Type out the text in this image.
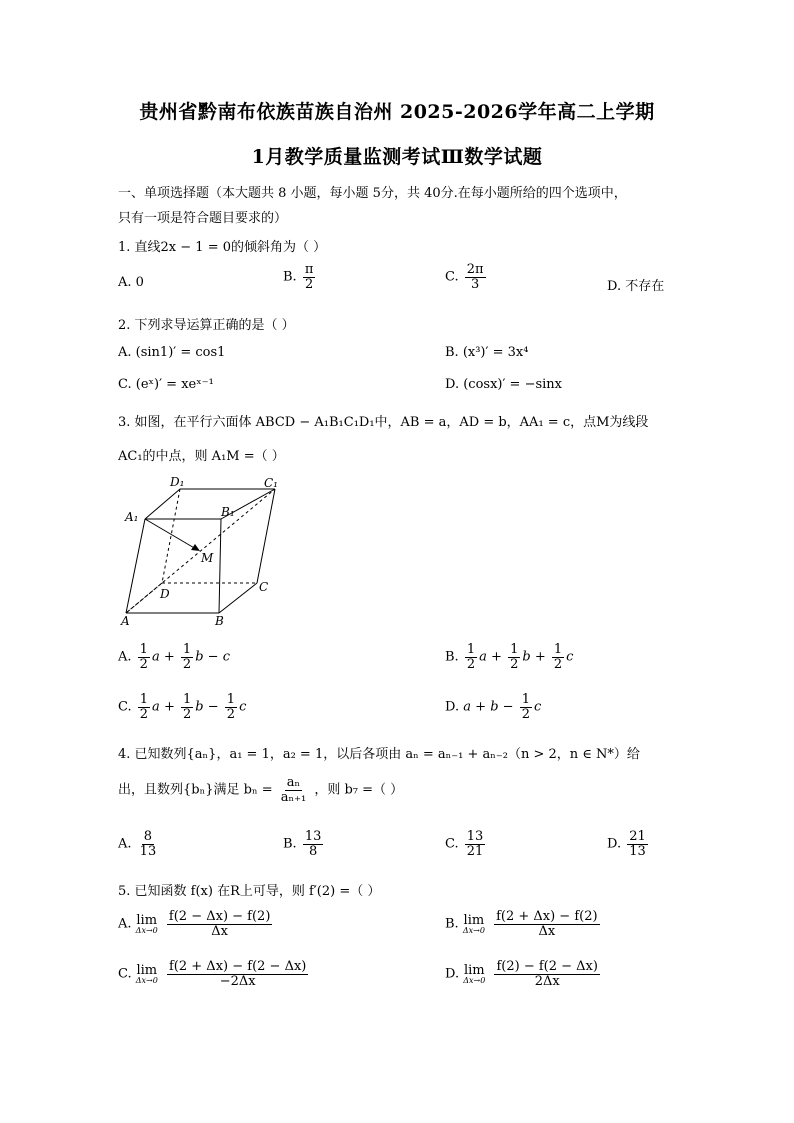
贵州省黔南布依族苗族自治州 2025-2026学年高二上学期
1月教学质量监测考试Ⅲ数学试题
一、单项选择题（本大题共 8 小题，每小题 5分，共 40分.在每小题所给的四个选项中，
只有一项是符合题目要求的）
1. 直线2x − 1 = 0的倾斜角为（ ）
A. 0	B. $\frac{\pi}{2}$	C. $\frac{2\pi}{3}$	D. 不存在
2. 下列求导运算正确的是（ ）
A. (sin1)′ = cos1	B. (x³)′ = 3x⁴
C. (eˣ)′ = xeˣ⁻¹	D. (cosx)′ = −sinx
3. 如图，在平行六面体 ABCD − A₁B₁C₁D₁中，AB = a，AD = b，AA₁ = c，点M为线段
AC₁的中点，则 A₁M =（ ）
D₁	C₁
A₁	B₁
M
D	C
A	B
A. $\frac{1}{2}$ $a + \frac{1}{2}$ b − c	B. $\frac{1}{2}$ $a + \frac{1}{2}$ $b + \frac{1}{2}$ c
C. $\frac{1}{2}$ $a + \frac{1}{2}$ $b - \frac{1}{2}$ c	D. $a + b - \frac{1}{2}$ c
4. 已知数列{aₙ}，a₁ = 1，a₂ = 1，以后各项由 aₙ = aₙ₋₁ + aₙ₋₂（n > 2，n ∈ N*）给
出，且数列{bₙ}满足 $b_n = \frac{\text{aₙ}}{\text{aₙ₊₁}}$ ，则 b₇ =（ ）
A. $\frac{8}{13}$	B. $\frac{13}{8}$	C. $\frac{13}{21}$	D. $\frac{21}{13}$
5. 已知函数 f(x) 在R上可导，则 f′(2) =（ ）
A. lim
Δx→0
$\frac{f(2 - \Delta x) - f(2)}{\Delta x}$	B. lim
Δx→0
$\frac{f(2 + \Delta x) - f(2)}{\Delta x}$
C. lim
Δx→0
$\frac{f(2 + \Delta x) - f(2 - \Delta x)}{-2\Delta x}$	D. lim
Δx→0
$\frac{f(2) - f(2 - \Delta x)}{2\Delta x}$
